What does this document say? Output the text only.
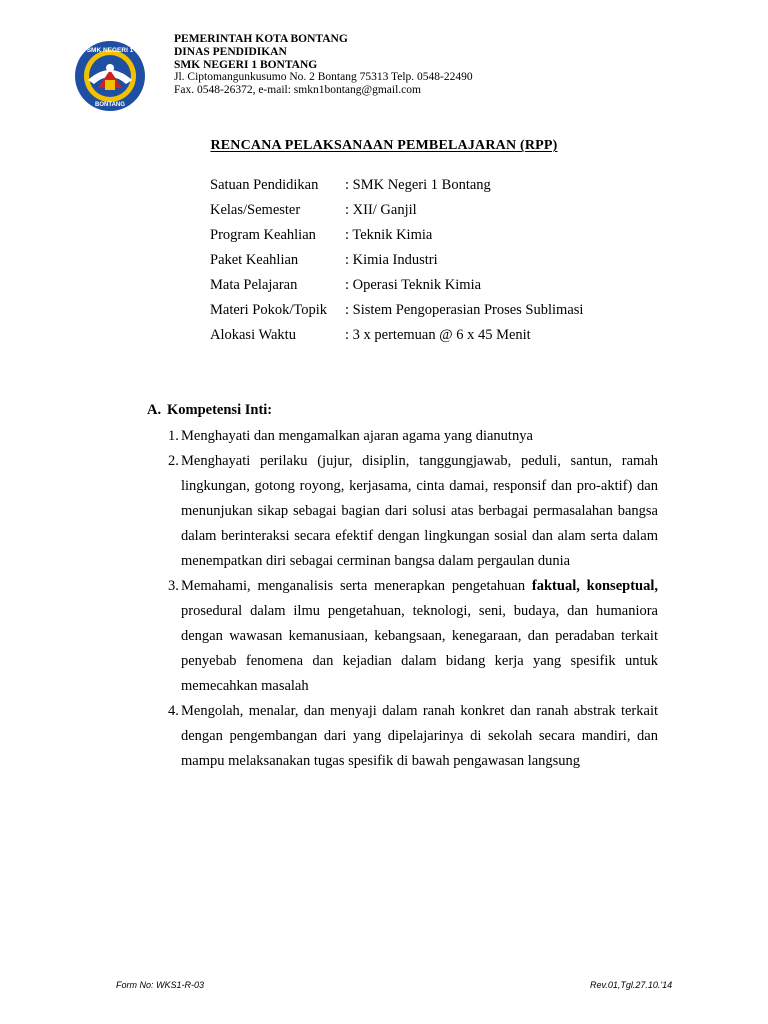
SMK NEGERI 1
BONTANG
PEMERINTAH KOTA BONTANG
DINAS PENDIDIKAN
SMK NEGERI 1 BONTANG
Jl. Ciptomangunkusumo No. 2 Bontang 75313 Telp. 0548-22490
Fax. 0548-26372, e-mail: smkn1bontang@gmail.com
RENCANA PELAKSANAAN PEMBELAJARAN (RPP)
Satuan Pendidikan : SMK Negeri 1 Bontang
Kelas/Semester	: XII/ Ganjil
Program Keahlian : Teknik Kimia
Paket Keahlian	: Kimia Industri
Mata Pelajaran	: Operasi Teknik Kimia
Materi Pokok/Topik : Sistem Pengoperasian Proses Sublimasi
Alokasi Waktu	: 3 x pertemuan @ 6 x 45 Menit
A. Kompetensi Inti:
1. Menghayati dan mengamalkan ajaran agama yang dianutnya
2. Menghayati perilaku (jujur, disiplin, tanggungjawab, peduli, santun, ramah lingkungan, gotong royong, kerjasama, cinta damai, responsif dan pro-aktif) dan menunjukan sikap sebagai bagian dari solusi atas berbagai permasalahan bangsa dalam berinteraksi secara efektif dengan lingkungan sosial dan alam serta dalam menempatkan diri sebagai cerminan bangsa dalam pergaulan dunia
3. Memahami, menganalisis serta menerapkan pengetahuan faktual, konseptual, prosedural dalam ilmu pengetahuan, teknologi, seni, budaya, dan humaniora dengan wawasan kemanusiaan, kebangsaan, kenegaraan, dan peradaban terkait penyebab fenomena dan kejadian dalam bidang kerja yang spesifik untuk memecahkan masalah
4. Mengolah, menalar, dan menyaji dalam ranah konkret dan ranah abstrak terkait dengan pengembangan dari yang dipelajarinya di sekolah secara mandiri, dan mampu melaksanakan tugas spesifik di bawah pengawasan langsung
Form No: WKS1-R-03	Rev.01,Tgl.27.10.'14
